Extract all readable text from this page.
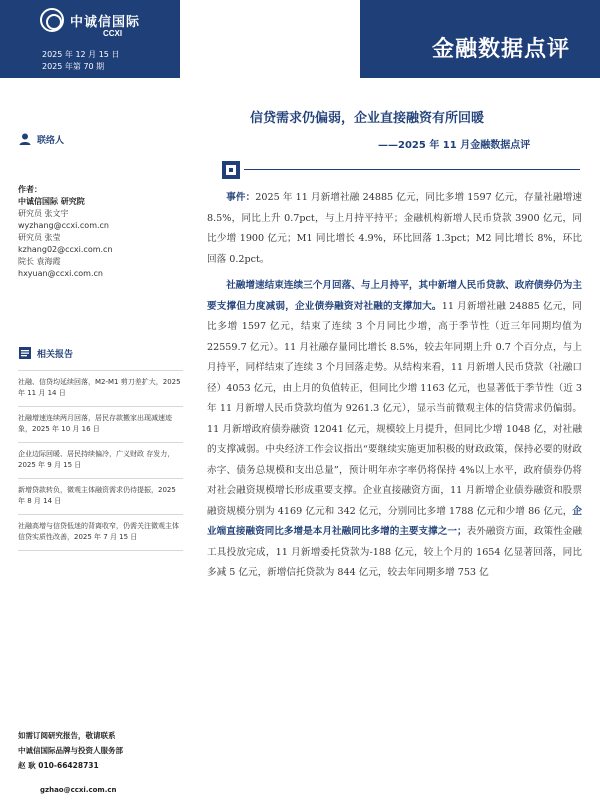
中诚信国际
CCXI
2025 年 12 月 15 日
2025 年第 70 期
金融数据点评
联络人
作者：
中诚信国际 研究院
研究员 张文宇
wyzhang@ccxi.com.cn
研究员 张莹
kzhang02@ccxi.com.cn
院长 袁海霞
hxyuan@ccxi.com.cn
相关报告
社融、信贷均延续回落，M2-M1 剪刀差扩大，2025 年 11 月 14 日
社融增速连续两月回落，居民存款搬家出现减速迹象，2025 年 10 月 16 日
企业边际回暖、居民持续偏冷，广义财政 存发力，2025 年 9 月 15 日
新增贷款转负，微观主体融资需求仍待提振，2025 年 8 月 14 日
社融高增与信贷低迷的背离收窄，仍需关注微观主体信贷实质性改善，2025 年 7 月 15 日
如需订阅研究报告，敬请联系
中诚信国际品牌与投资人服务部
赵 耿 010-66428731
gzhao@ccxi.com.cn
信贷需求仍偏弱，企业直接融资有所回暖
——2025 年 11 月金融数据点评

事件：2025 年 11 月新增社融 24885 亿元，同比多增 1597 亿元，存量社融增速 8.5%，同比上升 0.7pct，与上月持平持平；金融机构新增人民币贷款 3900 亿元，同比少增 1900 亿元；M1 同比增长 4.9%，环比回落 1.3pct；M2 同比增长 8%，环比回落 0.2pct。

社融增速结束连续三个月回落、与上月持平，其中新增人民币贷款、政府债券仍为主要支撑但力度减弱，企业债券融资对社融的支撑加大。11 月新增社融 24885 亿元，同比多增 1597 亿元，结束了连续 3 个月同比少增，高于季节性（近三年同期均值为 22559.7 亿元）。11 月社融存量同比增长 8.5%，较去年同期上升 0.7 个百分点，与上月持平，同样结束了连续 3 个月回落走势。从结构来看，11 月新增人民币贷款（社融口径）4053 亿元，由上月的负值转正，但同比少增 1163 亿元，也显著低于季节性（近 3 年 11 月新增人民币贷款均值为 9261.3 亿元），显示当前微观主体的信贷需求仍偏弱。11 月新增政府债券融资 12041 亿元，规模较上月提升，但同比少增 1048 亿，对社融的支撑减弱。中央经济工作会议指出“要继续实施更加积极的财政政策，保持必要的财政赤字、债务总规模和支出总量”，预计明年赤字率仍将保持 4%以上水平，政府债券仍将对社会融资规模增长形成重要支撑。企业直接融资方面，11 月新增企业债券融资和股票融资规模分别为 4169 亿元和 342 亿元，分别同比多增 1788 亿元和少增 86 亿元，企业端直接融资同比多增是本月社融同比多增的主要支撑之一；表外融资方面，政策性金融工具投放完成，11 月新增委托贷款为-188 亿元，较上个月的 1654 亿显著回落，同比多减 5 亿元，新增信托贷款为 844 亿元，较去年同期多增 753 亿
